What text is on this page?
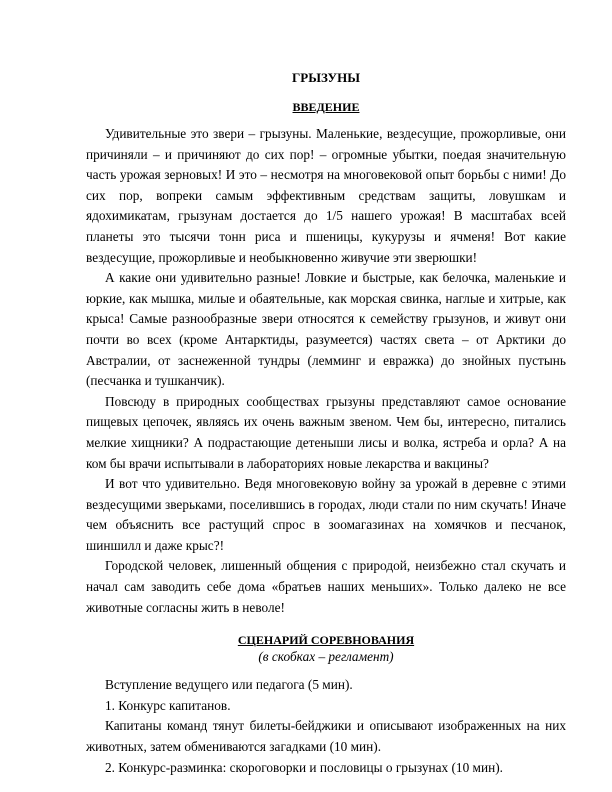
ГРЫЗУНЫ
ВВЕДЕНИЕ

Удивительные это звери – грызуны. Маленькие, вездесущие, прожорливые, они причиняли – и причиняют до сих пор! – огромные убытки, поедая значительную часть урожая зерновых! И это – несмотря на многовековой опыт борьбы с ними! До сих пор, вопреки самым эффективным средствам защиты, ловушкам и ядохимикатам, грызунам достается до 1/5 нашего урожая! В масштабах всей планеты это тысячи тонн риса и пшеницы, кукурузы и ячменя! Вот какие вездесущие, прожорливые и необыкновенно живучие эти зверюшки!

А какие они удивительно разные! Ловкие и быстрые, как белочка, маленькие и юркие, как мышка, милые и обаятельные, как морская свинка, наглые и хитрые, как крыса! Самые разнообразные звери относятся к семейству грызунов, и живут они почти во всех (кроме Антарктиды, разумеется) частях света – от Арктики до Австралии, от заснеженной тундры (лемминг и евражка) до знойных пустынь (песчанка и тушканчик).

Повсюду в природных сообществах грызуны представляют самое основание пищевых цепочек, являясь их очень важным звеном. Чем бы, интересно, питались мелкие хищники? А подрастающие детеныши лисы и волка, ястреба и орла? А на ком бы врачи испытывали в лабораториях новые лекарства и вакцины?

И вот что удивительно. Ведя многовековую войну за урожай в деревне с этими вездесущими зверьками, поселившись в городах, люди стали по ним скучать! Иначе чем объяснить все растущий спрос в зоомагазинах на хомячков и песчанок, шиншилл и даже крыс?!

Городской человек, лишенный общения с природой, неизбежно стал скучать и начал сам заводить себе дома «братьев наших меньших». Только далеко не все животные согласны жить в неволе!

СЦЕНАРИЙ СОРЕВНОВАНИЯ

(в скобках – регламент)

Вступление ведущего или педагога (5 мин).

1. Конкурс капитанов.

Капитаны команд тянут билеты-бейджики и описывают изображенных на них животных, затем обмениваются загадками (10 мин).

2. Конкурс-разминка: скороговорки и пословицы о грызунах (10 мин).
